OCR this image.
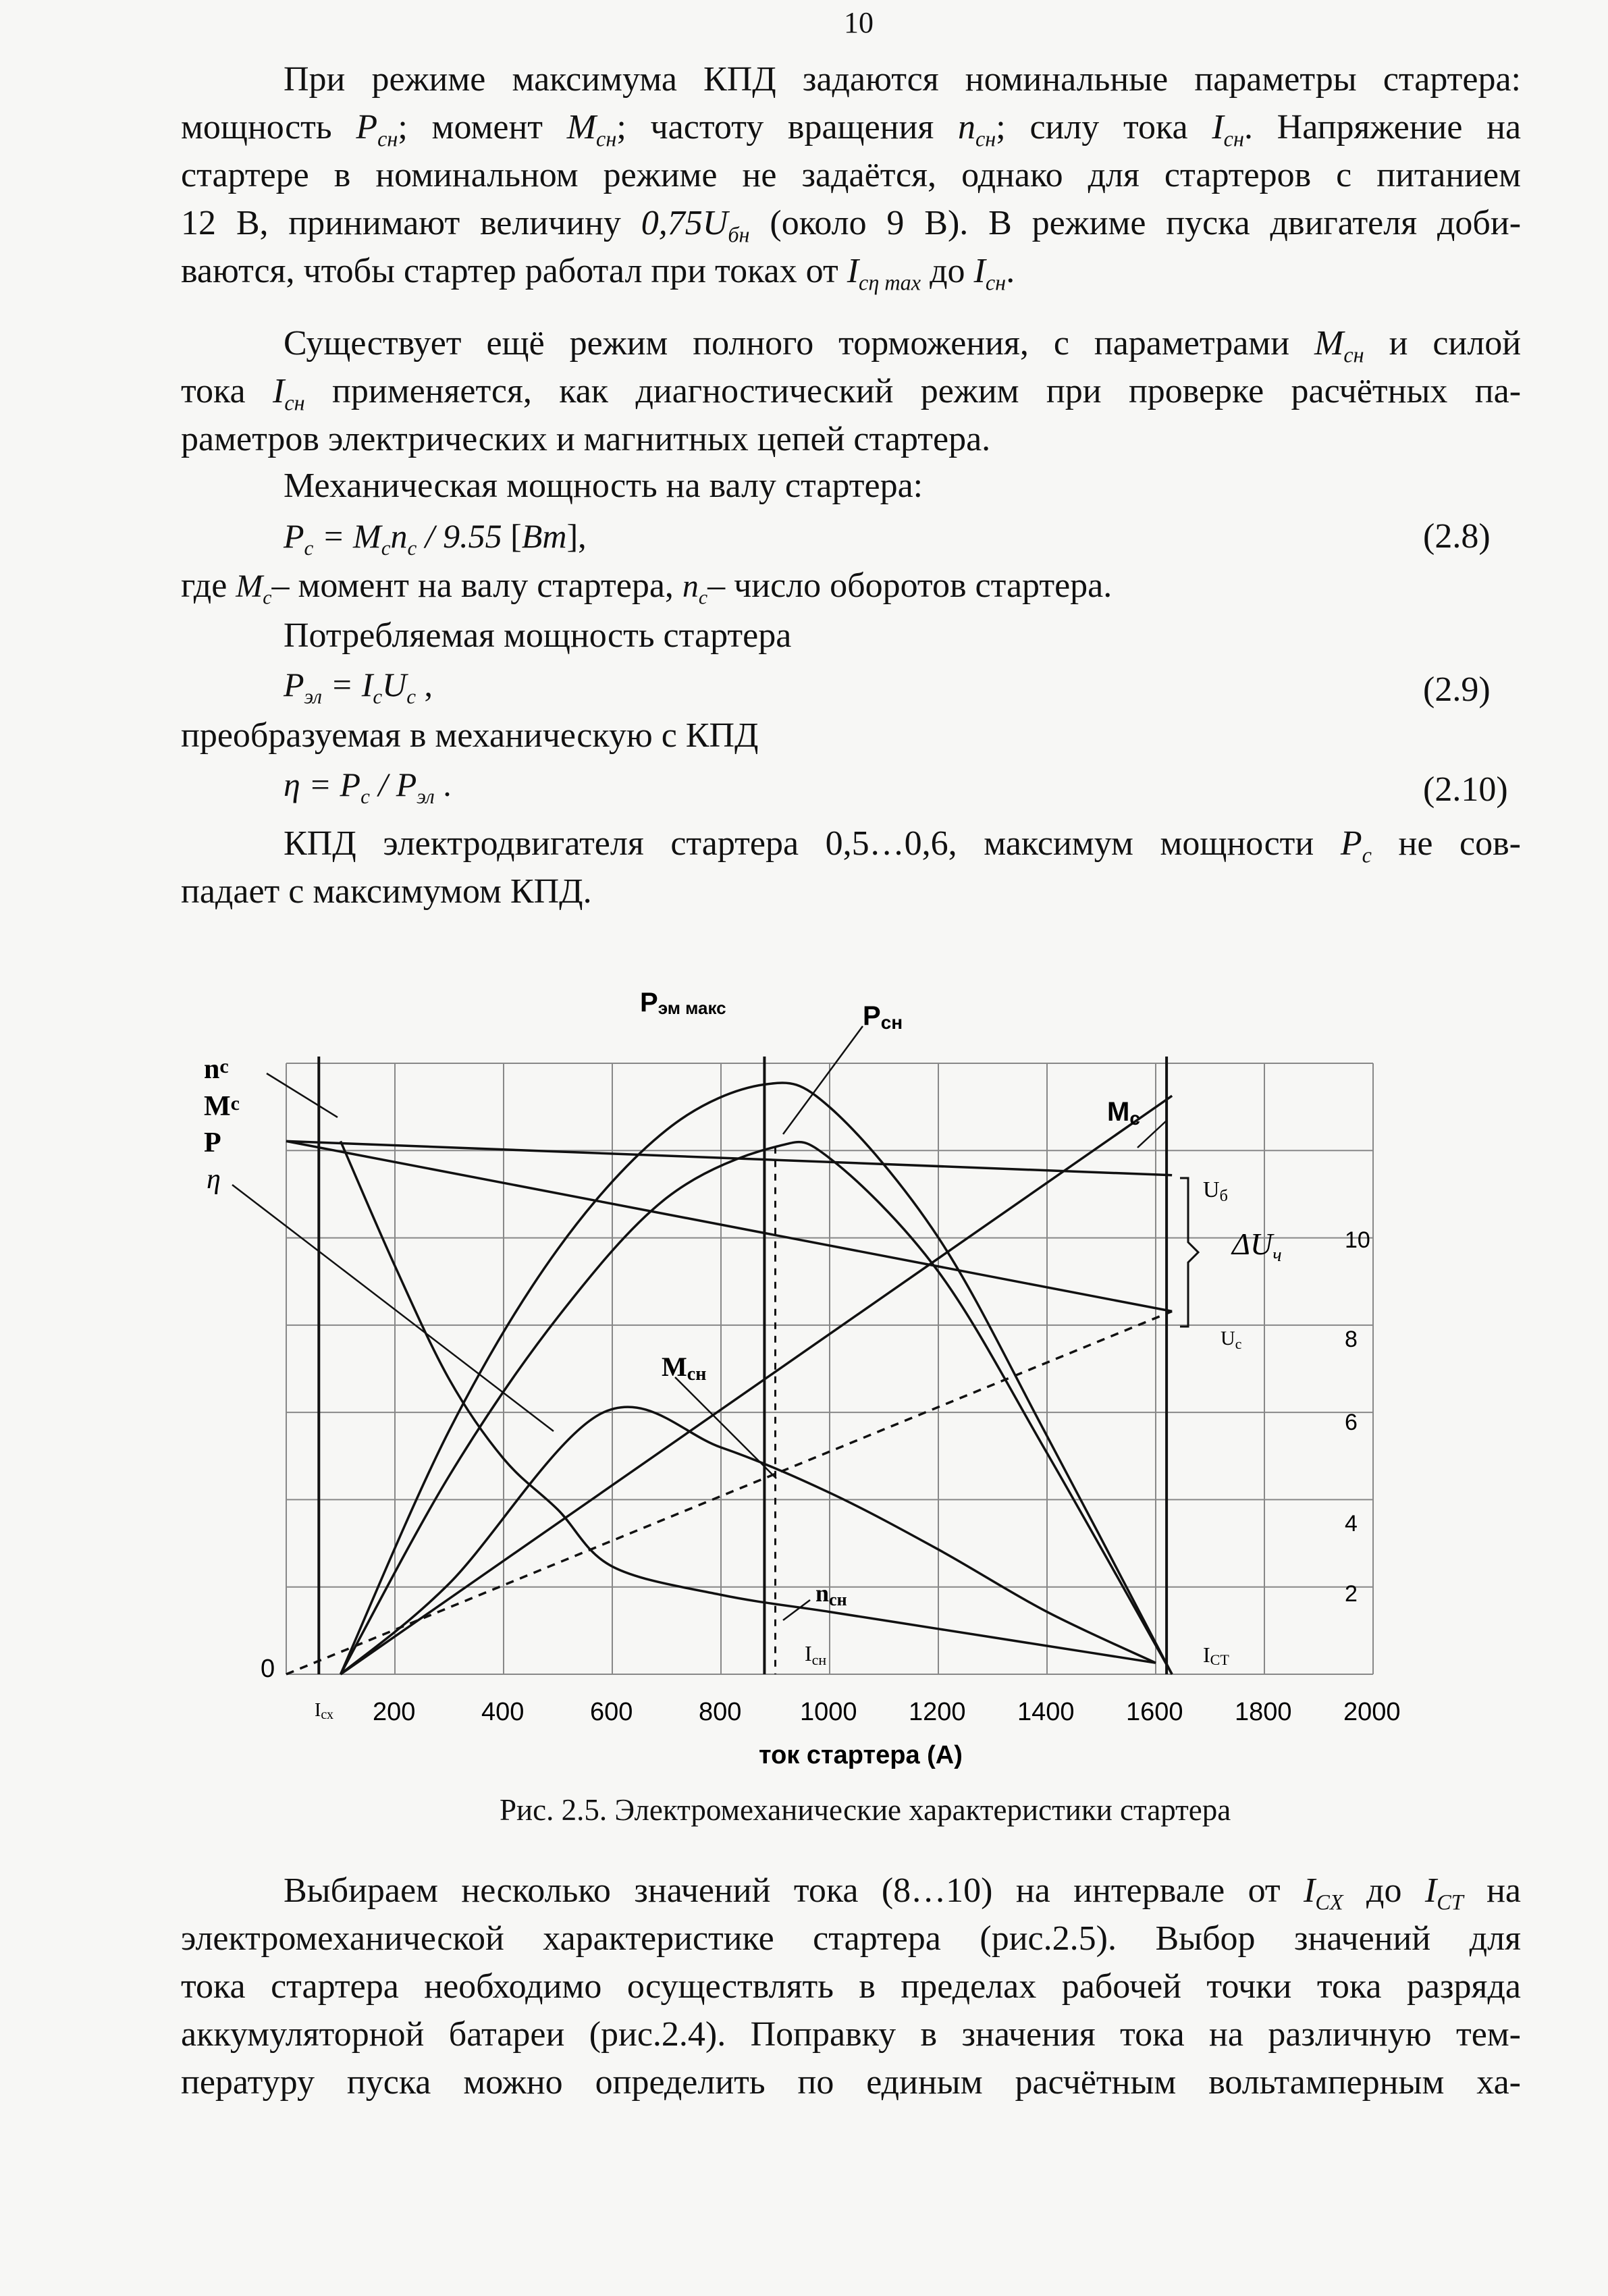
10
При режиме максимума КПД задаются номинальные параметры стартера:
мощность $P_{сн}$; момент $M_{сн}$; частоту вращения $n_{сн}$; силу тока $I_{сн}$. Напряжение на
стартере в номинальном режиме не задаётся, однако для стартеров с питанием
12 В, принимают величину $0,75U_{бн}$ (около 9 В). В режиме пуска двигателя доби-
ваются, чтобы стартер работал при токах от $I_{c\eta max}$ до $I_{сн}$.
Существует ещё режим полного торможения, с параметрами $M_{сн}$ и силой
тока $I_{сн}$ применяется, как диагностический режим при проверке расчётных па-
раметров электрических и магнитных цепей стартера.
Механическая мощность на валу стартера:
$P_c = M_cn_c / 9.55$ [Bm],	(2.8)
где $M_c-$ момент на валу стартера, $n_c-$ число оборотов стартера.
Потребляемая мощность стартера
$P_{эл} = I_cU_c$ ,	(2.9)
преобразуемая в механическую с КПД
$\eta = P_c / P_{эл}$ .	(2.10)
КПД электродвигателя стартера 0,5…0,6, максимум мощности $P_c$ не сов-
падает с максимумом КПД.
0
200	400	600	800 1000 1200 1400 1600 1800 2000
10
8
6
4
2
Pэм макс	Pсн
Mc
nc
Mc
P
η	Uб
$\Delta U_ч$
$U_c$
Mсн
nсн
Iсн	IСТ
Iсх
ток стартера (А)
Рис. 2.5. Электромеханические характеристики стартера
Выбираем несколько значений тока (8…10) на интервале от $I_{CX}$ до $I_{CT}$ на
электромеханической характеристике стартера (рис.2.5). Выбор значений для
тока стартера необходимо осуществлять в пределах рабочей точки тока разряда
аккумуляторной батареи (рис.2.4). Поправку в значения тока на различную тем-
пературу пуска можно определить по единым расчётным вольтамперным ха-
